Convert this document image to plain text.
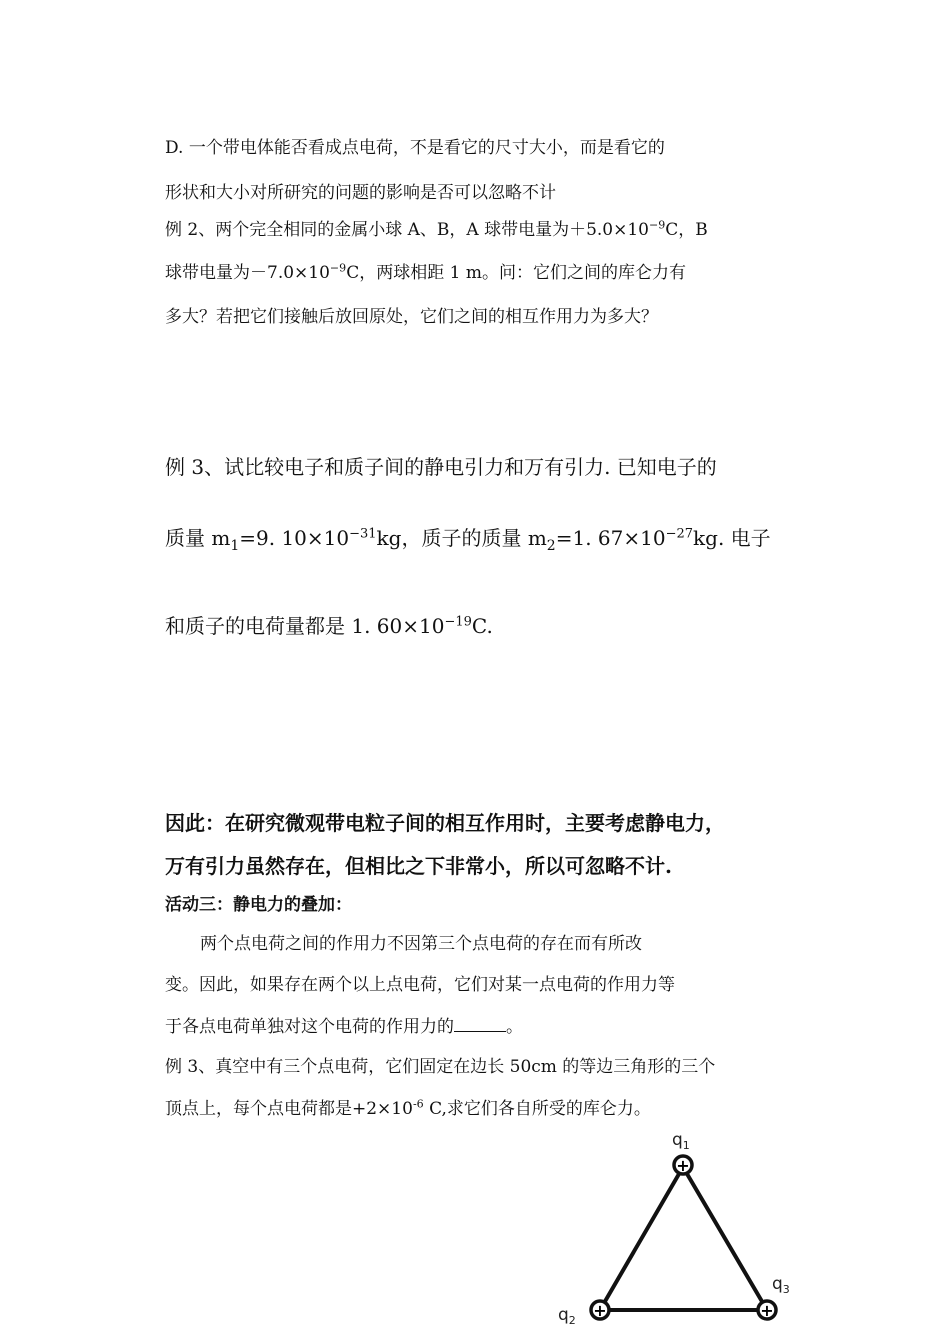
D. 一个带电体能否看成点电荷，不是看它的尺寸大小，而是看它的
形状和大小对所研究的问题的影响是否可以忽略不计
例 2、两个完全相同的金属小球 A、B，A 球带电量为$+5.0\times 10^{-9}C$，B
球带电量为$-7.0\times 10^{-9}C$，两球相距 1 m。问：它们之间的库仑力有
多大？若把它们接触后放回原处，它们之间的相互作用力为多大？
例 3、试比较电子和质子间的静电引力和万有引力. 已知电子的
质量 $m_1=9$. $10\times 10^{-31}kg$，质子的质量 $m_2=1$. $67\times 10^{-27}kg$. 电子
和质子的电荷量都是 1. $60\times 10^{-19}C$.
因此：在研究微观带电粒子间的相互作用时，主要考虑静电力，
万有引力虽然存在，但相比之下非常小，所以可忽略不计.
活动三：静电力的叠加：
两个点电荷之间的作用力不因第三个点电荷的存在而有所改
变。因此，如果存在两个以上点电荷，它们对某一点电荷的作用力等
于各点电荷单独对这个电荷的作用力的	。
例 3、真空中有三个点电荷，它们固定在边长 50cm 的等边三角形的三个
顶点上，每个点电荷都是$+2\times 10^{-6}$ C,求它们各自所受的库仑力。
+
+	+
$q_1$
$q_2$
$q_3$
